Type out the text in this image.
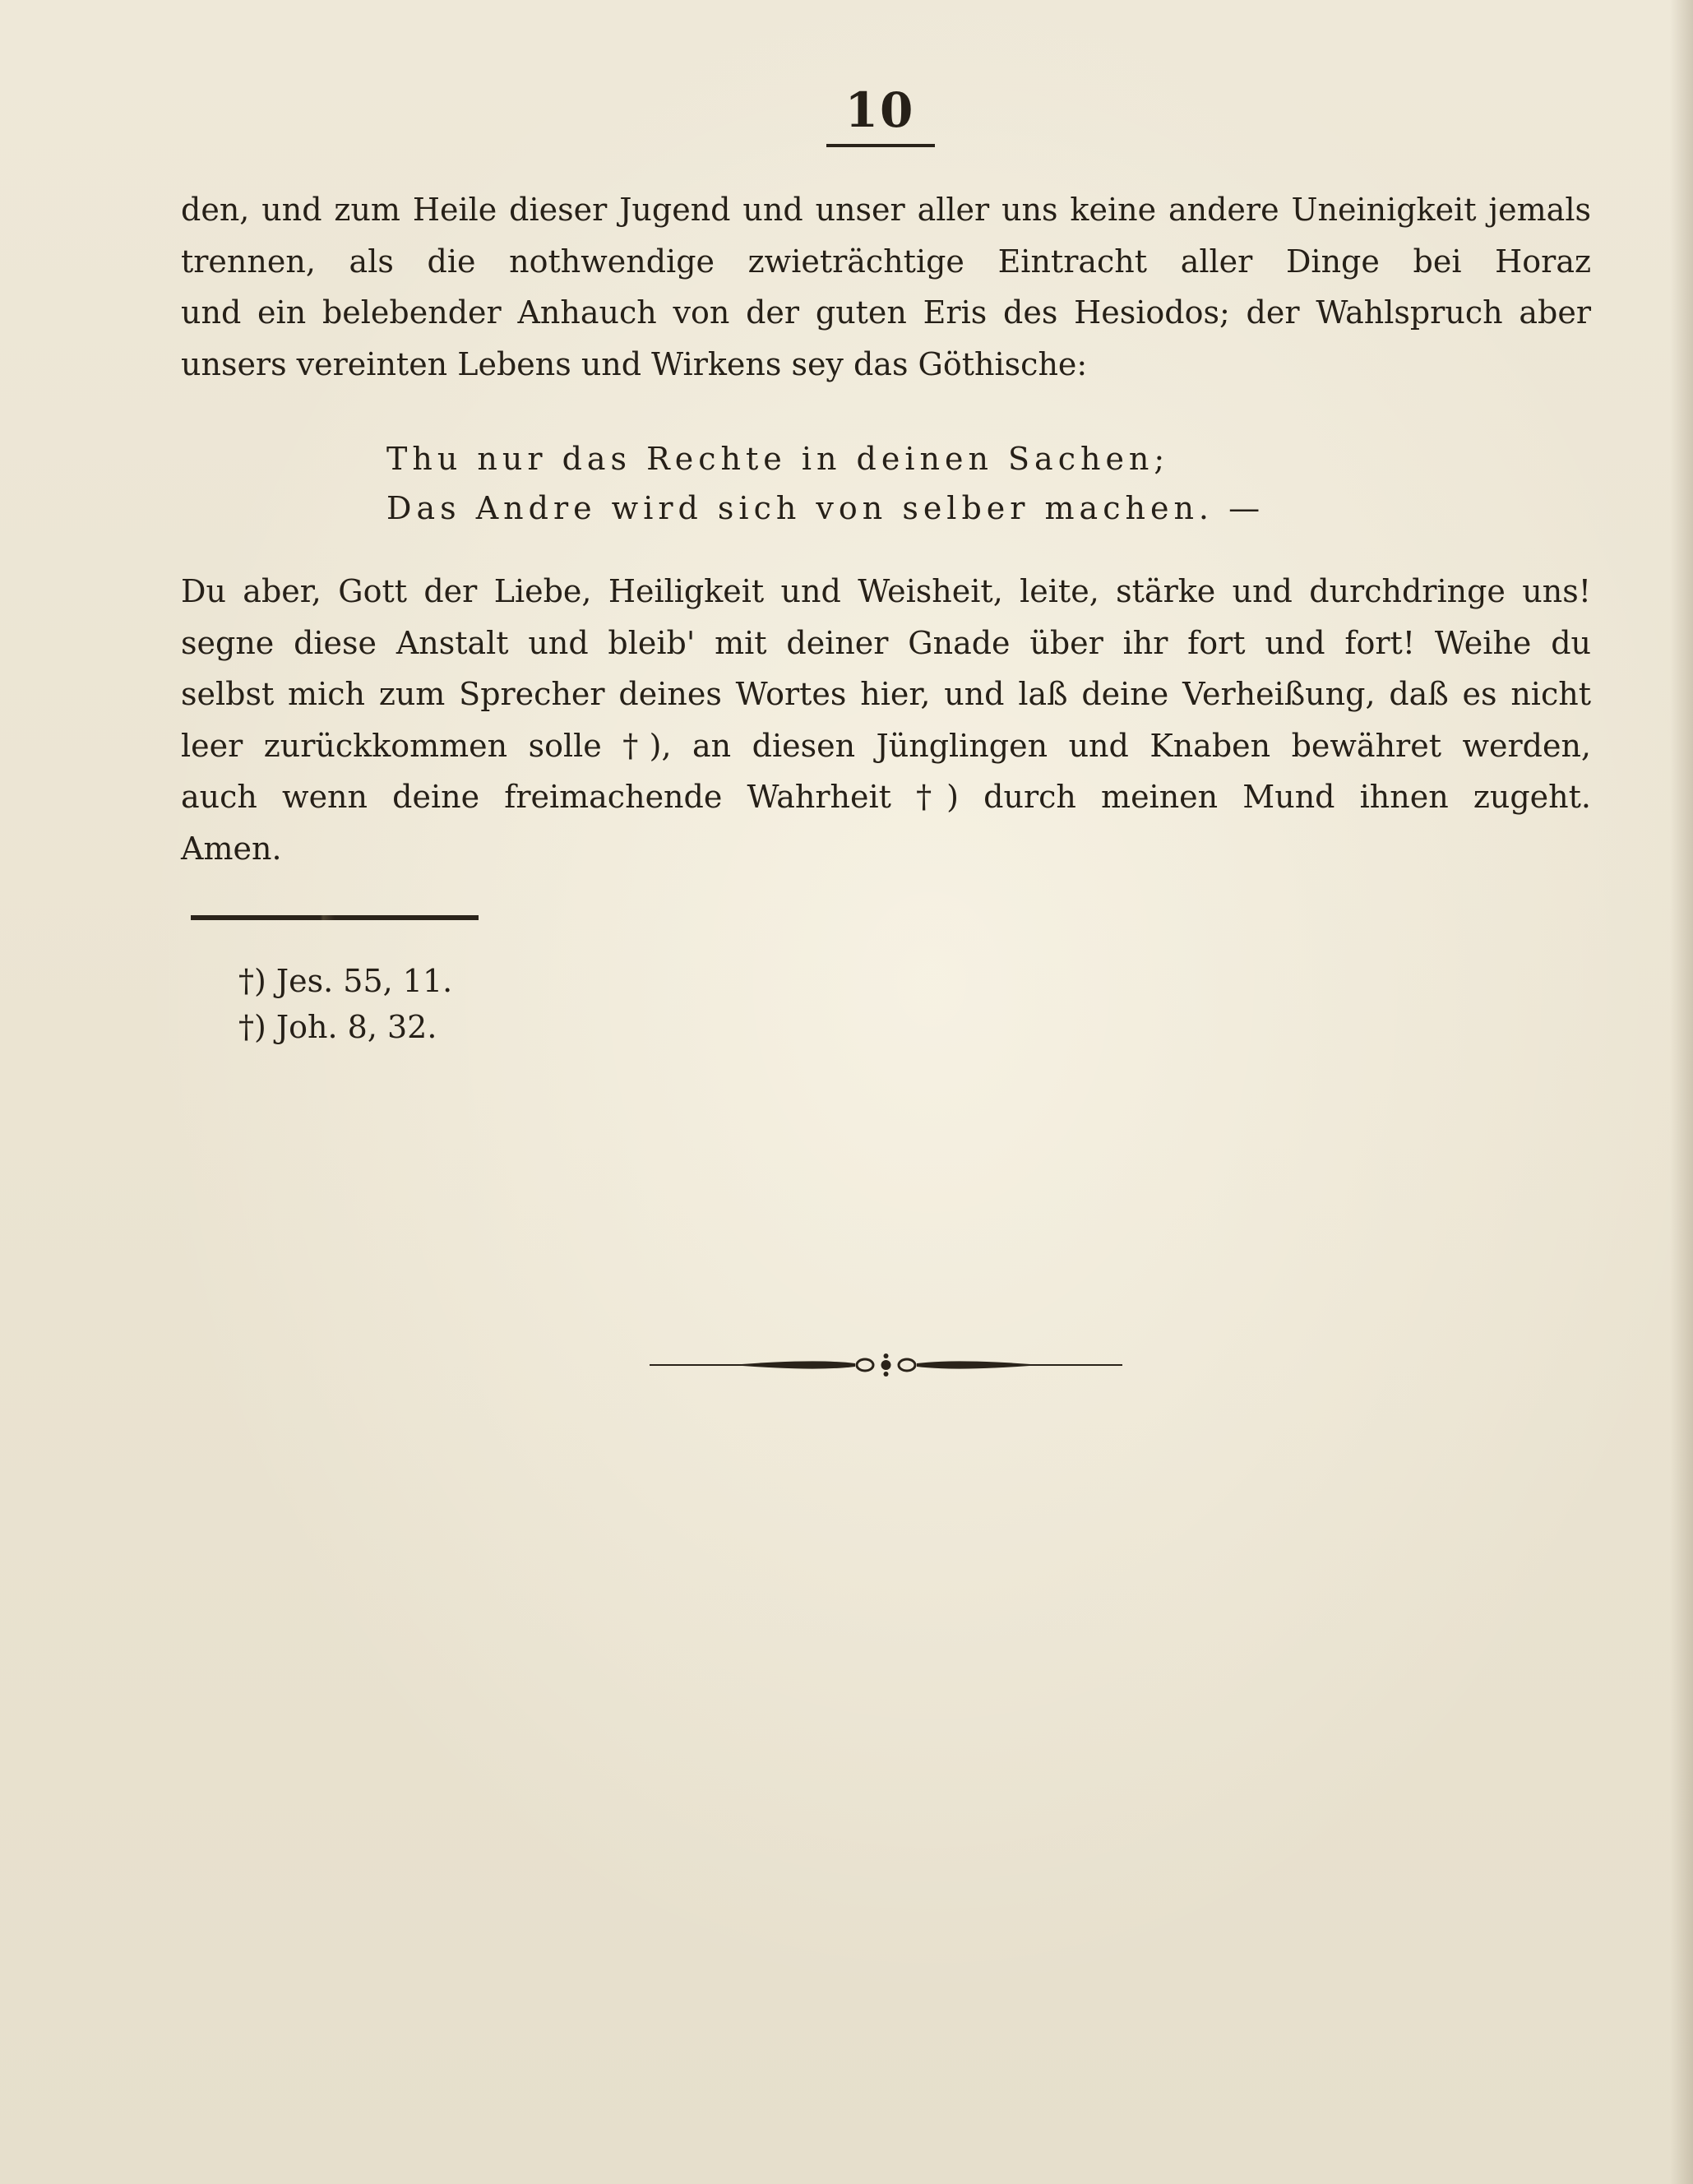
10
den, und zum Heile dieser Jugend und unser aller uns keine andere Uneinigkeit jemals
trennen, als die nothwendige zwieträchtige Eintracht aller Dinge bei Horaz
und ein belebender Anhauch von der guten Eris des Hesiodos; der Wahlspruch aber
unsers vereinten Lebens und Wirkens sey das Göthische:
Thu nur das Rechte in deinen Sachen;
Das Andre wird sich von selber machen. —
Du aber, Gott der Liebe, Heiligkeit und Weisheit, leite, stärke und durchdringe uns!
segne diese Anstalt und bleib' mit deiner Gnade über ihr fort und fort! Weihe du
selbst mich zum Sprecher deines Wortes hier, und laß deine Verheißung, daß es nicht
leer zurückkommen solle †), an diesen Jünglingen und Knaben bewähret werden,
auch wenn deine freimachende Wahrheit †) durch meinen Mund ihnen zugeht.
Amen.
†) Jes. 55, 11.
†) Joh. 8, 32.
